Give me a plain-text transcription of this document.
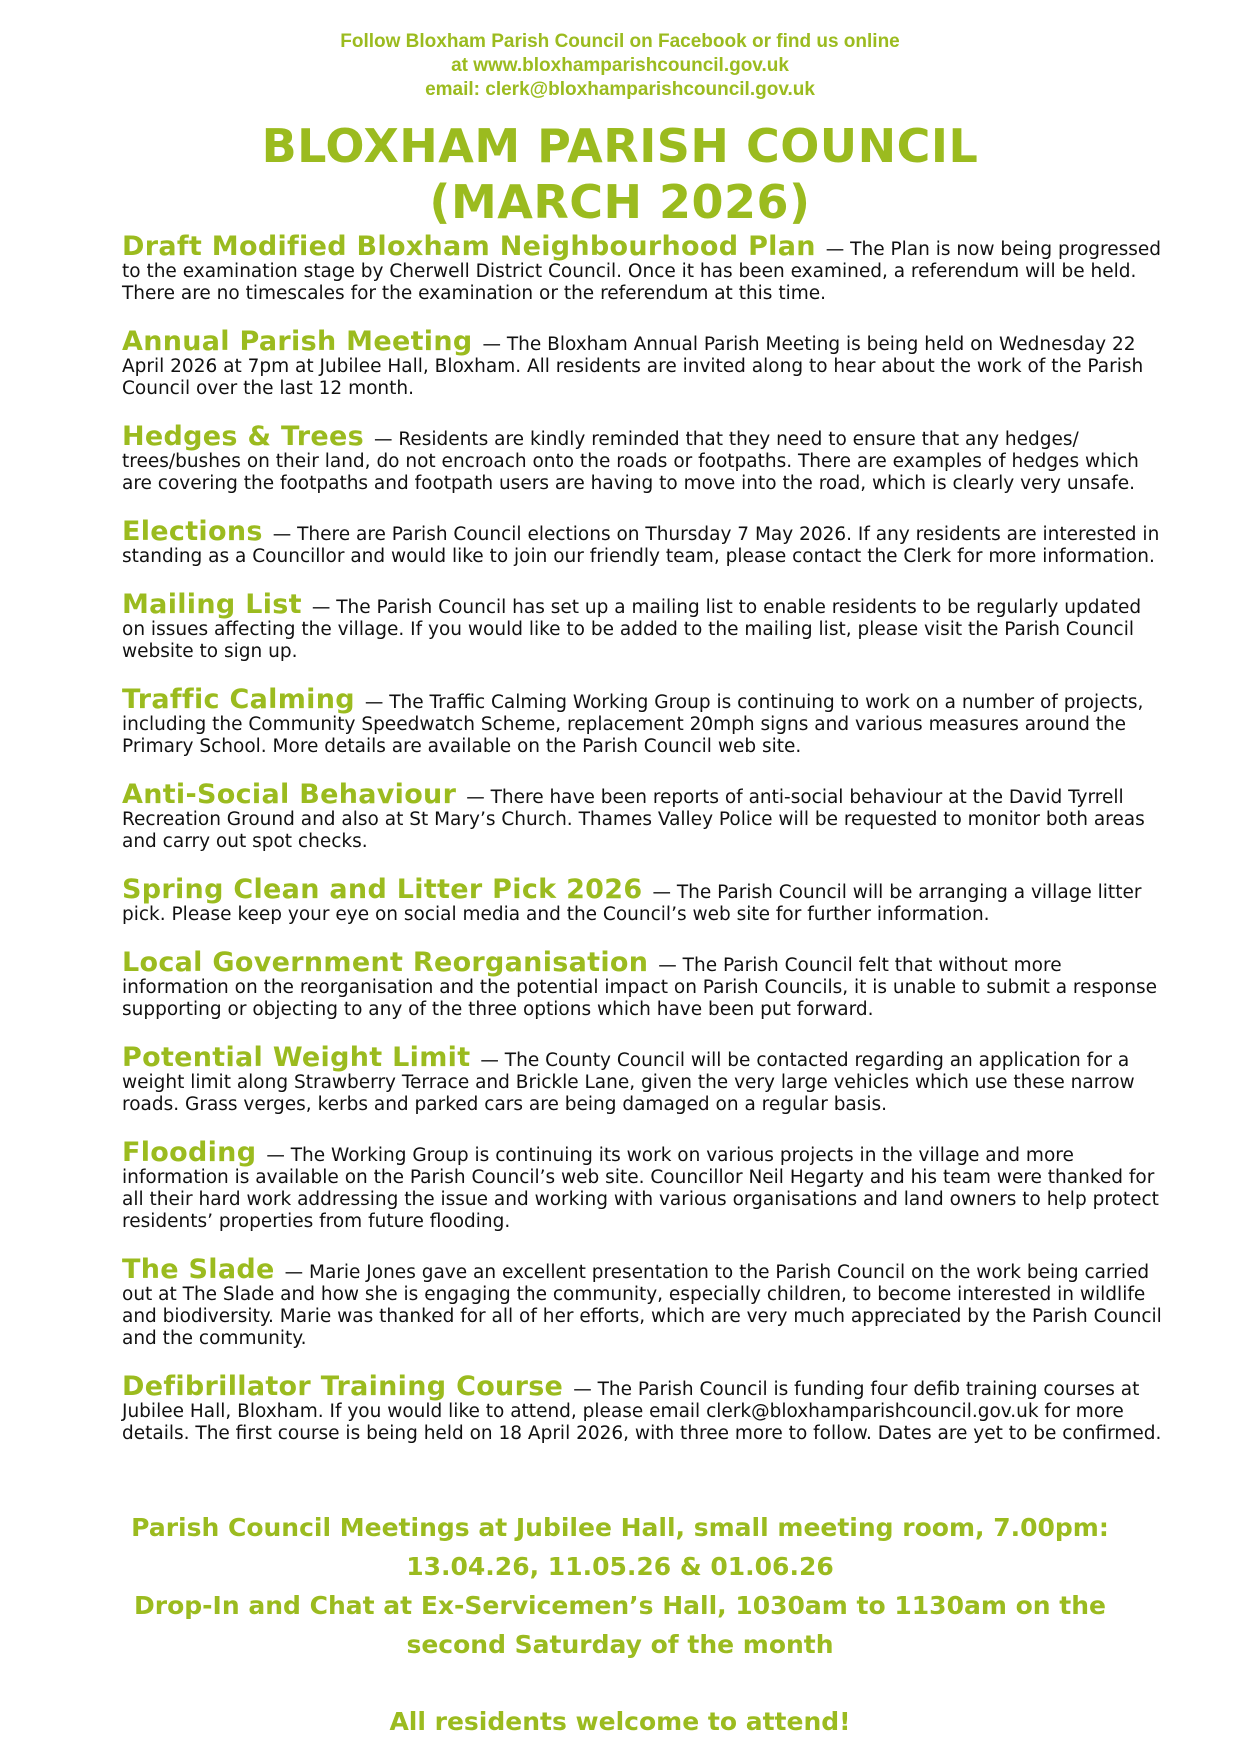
Follow Bloxham Parish Council on Facebook or find us online
at www.bloxhamparishcouncil.gov.uk
email: clerk@bloxhamparishcouncil.gov.uk
BLOXHAM PARISH COUNCIL
(MARCH 2026)
Draft Modified Bloxham Neighbourhood Plan — The Plan is now being progressed to the examination stage by Cherwell District Council. Once it has been examined, a referendum will be held. There are no timescales for the examination or the referendum at this time.
Annual Parish Meeting — The Bloxham Annual Parish Meeting is being held on Wednesday 22 April 2026 at 7pm at Jubilee Hall, Bloxham. All residents are invited along to hear about the work of the Parish Council over the last 12 month.
Hedges & Trees — Residents are kindly reminded that they need to ensure that any hedges/ trees/bushes on their land, do not encroach onto the roads or footpaths. There are examples of hedges which are covering the footpaths and footpath users are having to move into the road, which is clearly very unsafe.
Elections — There are Parish Council elections on Thursday 7 May 2026. If any residents are interested in standing as a Councillor and would like to join our friendly team, please contact the Clerk for more information.
Mailing List — The Parish Council has set up a mailing list to enable residents to be regularly updated on issues affecting the village. If you would like to be added to the mailing list, please visit the Parish Council website to sign up.
Traffic Calming — The Traffic Calming Working Group is continuing to work on a number of projects, including the Community Speedwatch Scheme, replacement 20mph signs and various measures around the Primary School. More details are available on the Parish Council web site.
Anti-Social Behaviour — There have been reports of anti-social behaviour at the David Tyrrell Recreation Ground and also at St Mary’s Church. Thames Valley Police will be requested to monitor both areas and carry out spot checks.
Spring Clean and Litter Pick 2026 — The Parish Council will be arranging a village litter pick. Please keep your eye on social media and the Council’s web site for further information.
Local Government Reorganisation — The Parish Council felt that without more information on the reorganisation and the potential impact on Parish Councils, it is unable to submit a response supporting or objecting to any of the three options which have been put forward.
Potential Weight Limit — The County Council will be contacted regarding an application for a weight limit along Strawberry Terrace and Brickle Lane, given the very large vehicles which use these narrow roads. Grass verges, kerbs and parked cars are being damaged on a regular basis.
Flooding — The Working Group is continuing its work on various projects in the village and more information is available on the Parish Council’s web site. Councillor Neil Hegarty and his team were thanked for all their hard work addressing the issue and working with various organisations and land owners to help protect residents’ properties from future flooding.
The Slade — Marie Jones gave an excellent presentation to the Parish Council on the work being carried out at The Slade and how she is engaging the community, especially children, to become interested in wildlife and biodiversity. Marie was thanked for all of her efforts, which are very much appreciated by the Parish Council and the community.
Defibrillator Training Course — The Parish Council is funding four defib training courses at Jubilee Hall, Bloxham. If you would like to attend, please email clerk@bloxhamparishcouncil.gov.uk for more details. The first course is being held on 18 April 2026, with three more to follow. Dates are yet to be confirmed.
Parish Council Meetings at Jubilee Hall, small meeting room, 7.00pm:
13.04.26, 11.05.26 & 01.06.26
Drop-In and Chat at Ex-Servicemen’s Hall, 1030am to 1130am on the
second Saturday of the month
All residents welcome to attend!
